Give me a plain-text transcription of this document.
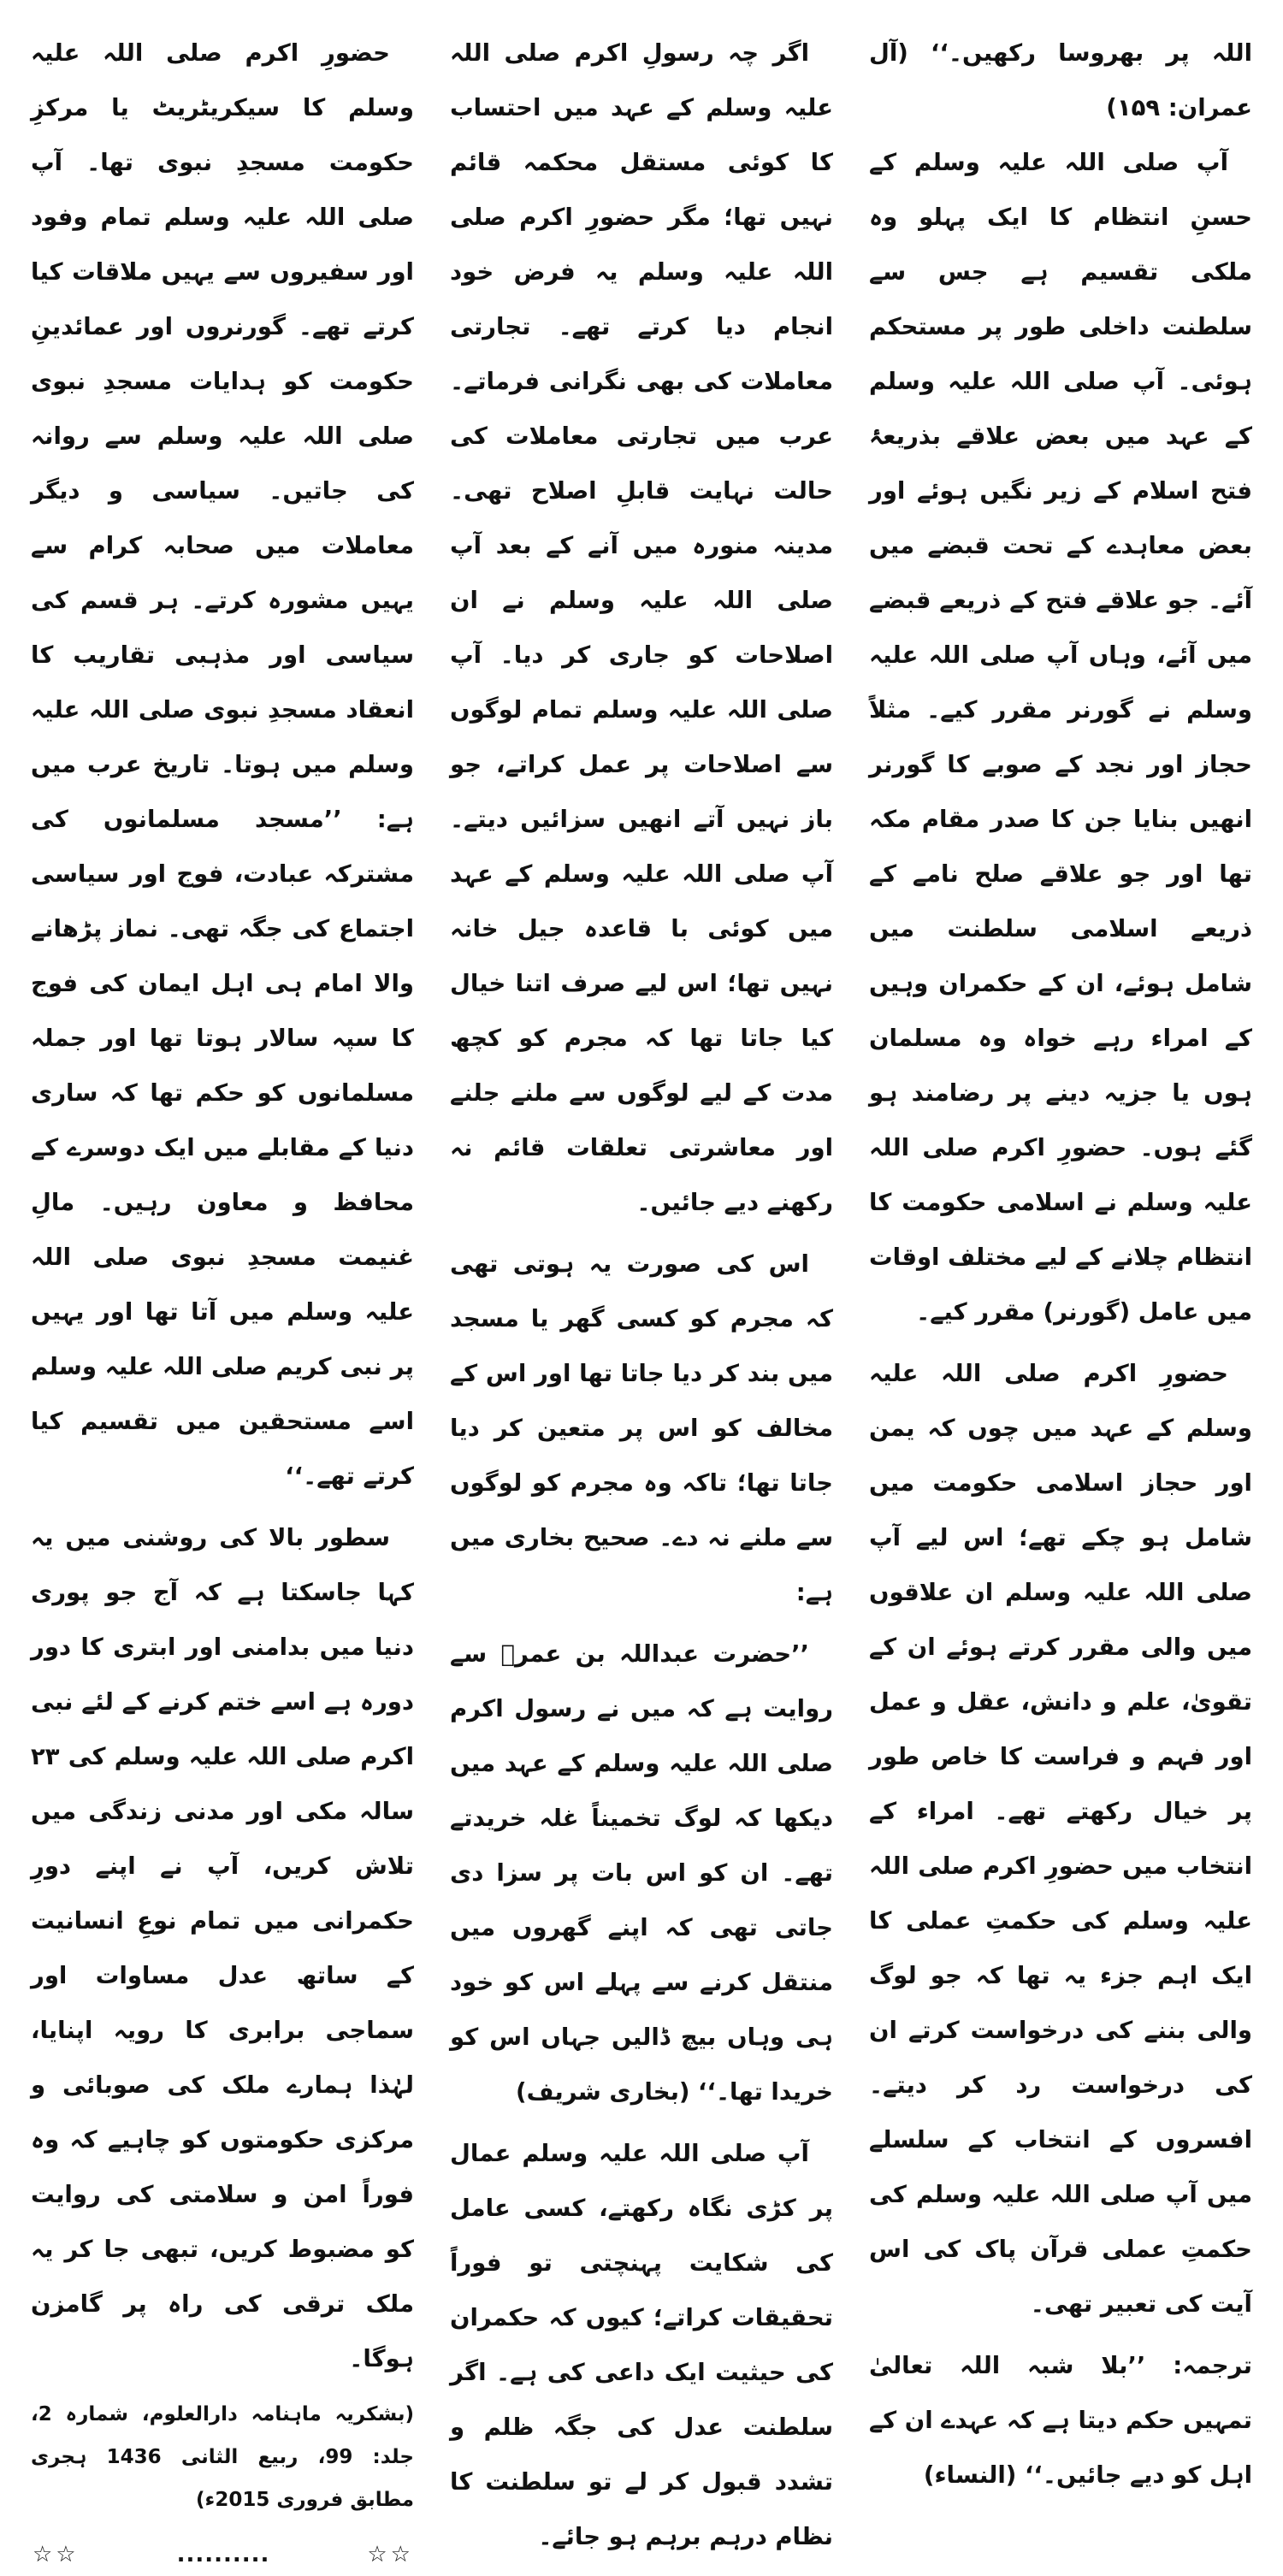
اللہ پر بھروسا رکھیں۔‘‘ (آل عمران: ۱۵۹)

آپ صلی اللہ علیہ وسلم کے حسنِ انتظام کا ایک پہلو وہ ملکی تقسیم ہے جس سے سلطنت داخلی طور پر مستحکم ہوئی۔ آپ صلی اللہ علیہ وسلم کے عہد میں بعض علاقے بذریعۂ فتح اسلام کے زیر نگیں ہوئے اور بعض معاہدے کے تحت قبضے میں آئے۔ جو علاقے فتح کے ذریعے قبضے میں آئے، وہاں آپ صلی اللہ علیہ وسلم نے گورنر مقرر کیے۔ مثلاً حجاز اور نجد کے صوبے کا گورنر انھیں بنایا جن کا صدر مقام مکہ تھا اور جو علاقے صلح نامے کے ذریعے اسلامی سلطنت میں شامل ہوئے، ان کے حکمران وہیں کے امراء رہے خواہ وہ مسلمان ہوں یا جزیہ دینے پر رضامند ہو گئے ہوں۔ حضورِ اکرم صلی اللہ علیہ وسلم نے اسلامی حکومت کا انتظام چلانے کے لیے مختلف اوقات میں عامل (گورنر) مقرر کیے۔

حضورِ اکرم صلی اللہ علیہ وسلم کے عہد میں چوں کہ یمن اور حجاز اسلامی حکومت میں شامل ہو چکے تھے؛ اس لیے آپ صلی اللہ علیہ وسلم ان علاقوں میں والی مقرر کرتے ہوئے ان کے تقویٰ، علم و دانش، عقل و عمل اور فہم و فراست کا خاص طور پر خیال رکھتے تھے۔ امراء کے انتخاب میں حضورِ اکرم صلی اللہ علیہ وسلم کی حکمتِ عملی کا ایک اہم جزء یہ تھا کہ جو لوگ والی بننے کی درخواست کرتے ان کی درخواست رد کر دیتے۔ افسروں کے انتخاب کے سلسلے میں آپ صلی اللہ علیہ وسلم کی حکمتِ عملی قرآن پاک کی اس آیت کی تعبیر تھی۔

ترجمہ: ’’بلا شبہ اللہ تعالیٰ تمہیں حکم دیتا ہے کہ عہدے ان کے اہل کو دیے جائیں۔‘‘ (النساء)

اگر چہ رسولِ اکرم صلی اللہ علیہ وسلم کے عہد میں احتساب کا کوئی مستقل محکمہ قائم نہیں تھا؛ مگر حضورِ اکرم صلی اللہ علیہ وسلم یہ فرض خود انجام دیا کرتے تھے۔ تجارتی معاملات کی بھی نگرانی فرماتے۔ عرب میں تجارتی معاملات کی حالت نہایت قابلِ اصلاح تھی۔ مدینہ منورہ میں آنے کے بعد آپ صلی اللہ علیہ وسلم نے ان اصلاحات کو جاری کر دیا۔ آپ صلی اللہ علیہ وسلم تمام لوگوں سے اصلاحات پر عمل کراتے، جو باز نہیں آتے انھیں سزائیں دیتے۔ آپ صلی اللہ علیہ وسلم کے عہد میں کوئی با قاعدہ جیل خانہ نہیں تھا؛ اس لیے صرف اتنا خیال کیا جاتا تھا کہ مجرم کو کچھ مدت کے لیے لوگوں سے ملنے جلنے اور معاشرتی تعلقات قائم نہ رکھنے دیے جائیں۔

اس کی صورت یہ ہوتی تھی کہ مجرم کو کسی گھر یا مسجد میں بند کر دیا جاتا تھا اور اس کے مخالف کو اس پر متعین کر دیا جاتا تھا؛ تاکہ وہ مجرم کو لوگوں سے ملنے نہ دے۔ صحیح بخاری میں ہے:

’’حضرت عبداللہ بن عمرؓ سے روایت ہے کہ میں نے رسول اکرم صلی اللہ علیہ وسلم کے عہد میں دیکھا کہ لوگ تخمیناً غلہ خریدتے تھے۔ ان کو اس بات پر سزا دی جاتی تھی کہ اپنے گھروں میں منتقل کرنے سے پہلے اس کو خود ہی وہاں بیچ ڈالیں جہاں اس کو خریدا تھا۔‘‘ (بخاری شریف)

آپ صلی اللہ علیہ وسلم عمال پر کڑی نگاہ رکھتے، کسی عامل کی شکایت پہنچتی تو فوراً تحقیقات کراتے؛ کیوں کہ حکمران کی حیثیت ایک داعی کی ہے۔ اگر سلطنت عدل کی جگہ ظلم و تشدد قبول کر لے تو سلطنت کا نظام درہم برہم ہو جائے۔

حضورِ اکرم صلی اللہ علیہ وسلم کا سیکریٹریٹ یا مرکزِ حکومت مسجدِ نبوی تھا۔ آپ صلی اللہ علیہ وسلم تمام وفود اور سفیروں سے یہیں ملاقات کیا کرتے تھے۔ گورنروں اور عمائدینِ حکومت کو ہدایات مسجدِ نبوی صلی اللہ علیہ وسلم سے روانہ کی جاتیں۔ سیاسی و دیگر معاملات میں صحابہ کرام سے یہیں مشورہ کرتے۔ ہر قسم کی سیاسی اور مذہبی تقاریب کا انعقاد مسجدِ نبوی صلی اللہ علیہ وسلم میں ہوتا۔ تاریخ عرب میں ہے: ’’مسجد مسلمانوں کی مشترکہ عبادت، فوج اور سیاسی اجتماع کی جگہ تھی۔ نماز پڑھانے والا امام ہی اہل ایمان کی فوج کا سپہ سالار ہوتا تھا اور جملہ مسلمانوں کو حکم تھا کہ ساری دنیا کے مقابلے میں ایک دوسرے کے محافظ و معاون رہیں۔ مالِ غنیمت مسجدِ نبوی صلی اللہ علیہ وسلم میں آتا تھا اور یہیں پر نبی کریم صلی اللہ علیہ وسلم اسے مستحقین میں تقسیم کیا کرتے تھے۔‘‘

سطور بالا کی روشنی میں یہ کہا جاسکتا ہے کہ آج جو پوری دنیا میں بدامنی اور ابتری کا دور دورہ ہے اسے ختم کرنے کے لئے نبی اکرم صلی اللہ علیہ وسلم کی ۲۳ سالہ مکی اور مدنی زندگی میں تلاش کریں، آپ نے اپنے دورِ حکمرانی میں تمام نوعِ انسانیت کے ساتھ عدل مساوات اور سماجی برابری کا رویہ اپنایا، لہٰذا ہمارے ملک کی صوبائی و مرکزی حکومتوں کو چاہیے کہ وہ فوراً امن و سلامتی کی روایت کو مضبوط کریں، تبھی جا کر یہ ملک ترقی کی راہ پر گامزن ہوگا۔

(بشکریہ ماہنامہ دارالعلوم، شمارہ 2، جلد: 99، ربیع الثانی 1436 ہجری مطابق فروری 2015ء)

☆☆
..........
☆☆
